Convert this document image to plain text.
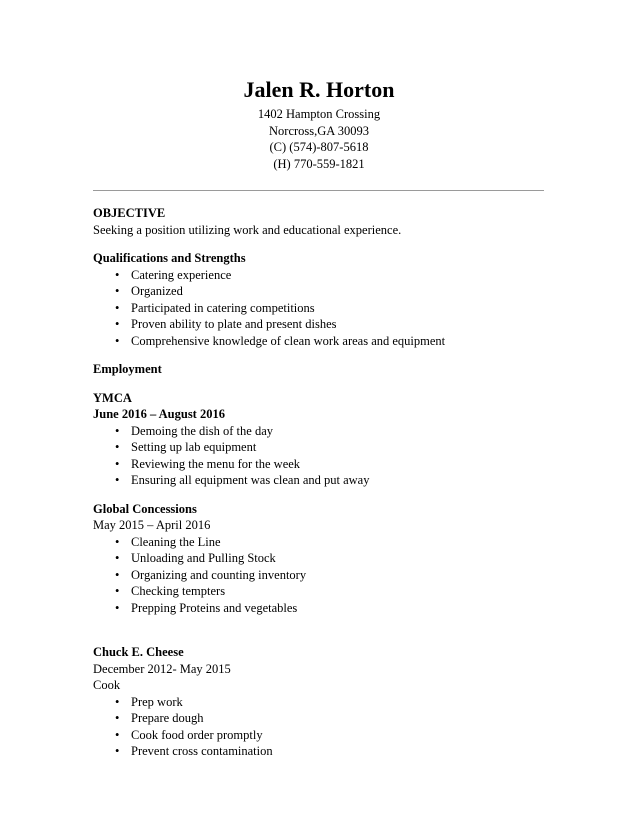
Jalen R. Horton
1402 Hampton Crossing
Norcross,GA 30093
(C) (574)-807-5618
(H) 770-559-1821
OBJECTIVE
Seeking a position utilizing work and educational experience.
Qualifications and Strengths
• Catering experience
• Organized
• Participated in catering competitions
• Proven ability to plate and present dishes
• Comprehensive knowledge of clean work areas and equipment
Employment
YMCA
June 2016 – August 2016
• Demoing the dish of the day
• Setting up lab equipment
• Reviewing the menu for the week
• Ensuring all equipment was clean and put away
Global Concessions
May 2015 – April 2016
• Cleaning the Line
• Unloading and Pulling Stock
• Organizing and counting inventory
• Checking tempters
• Prepping Proteins and vegetables
Chuck E. Cheese
December 2012- May 2015
Cook
• Prep work
• Prepare dough
• Cook food order promptly
• Prevent cross contamination
